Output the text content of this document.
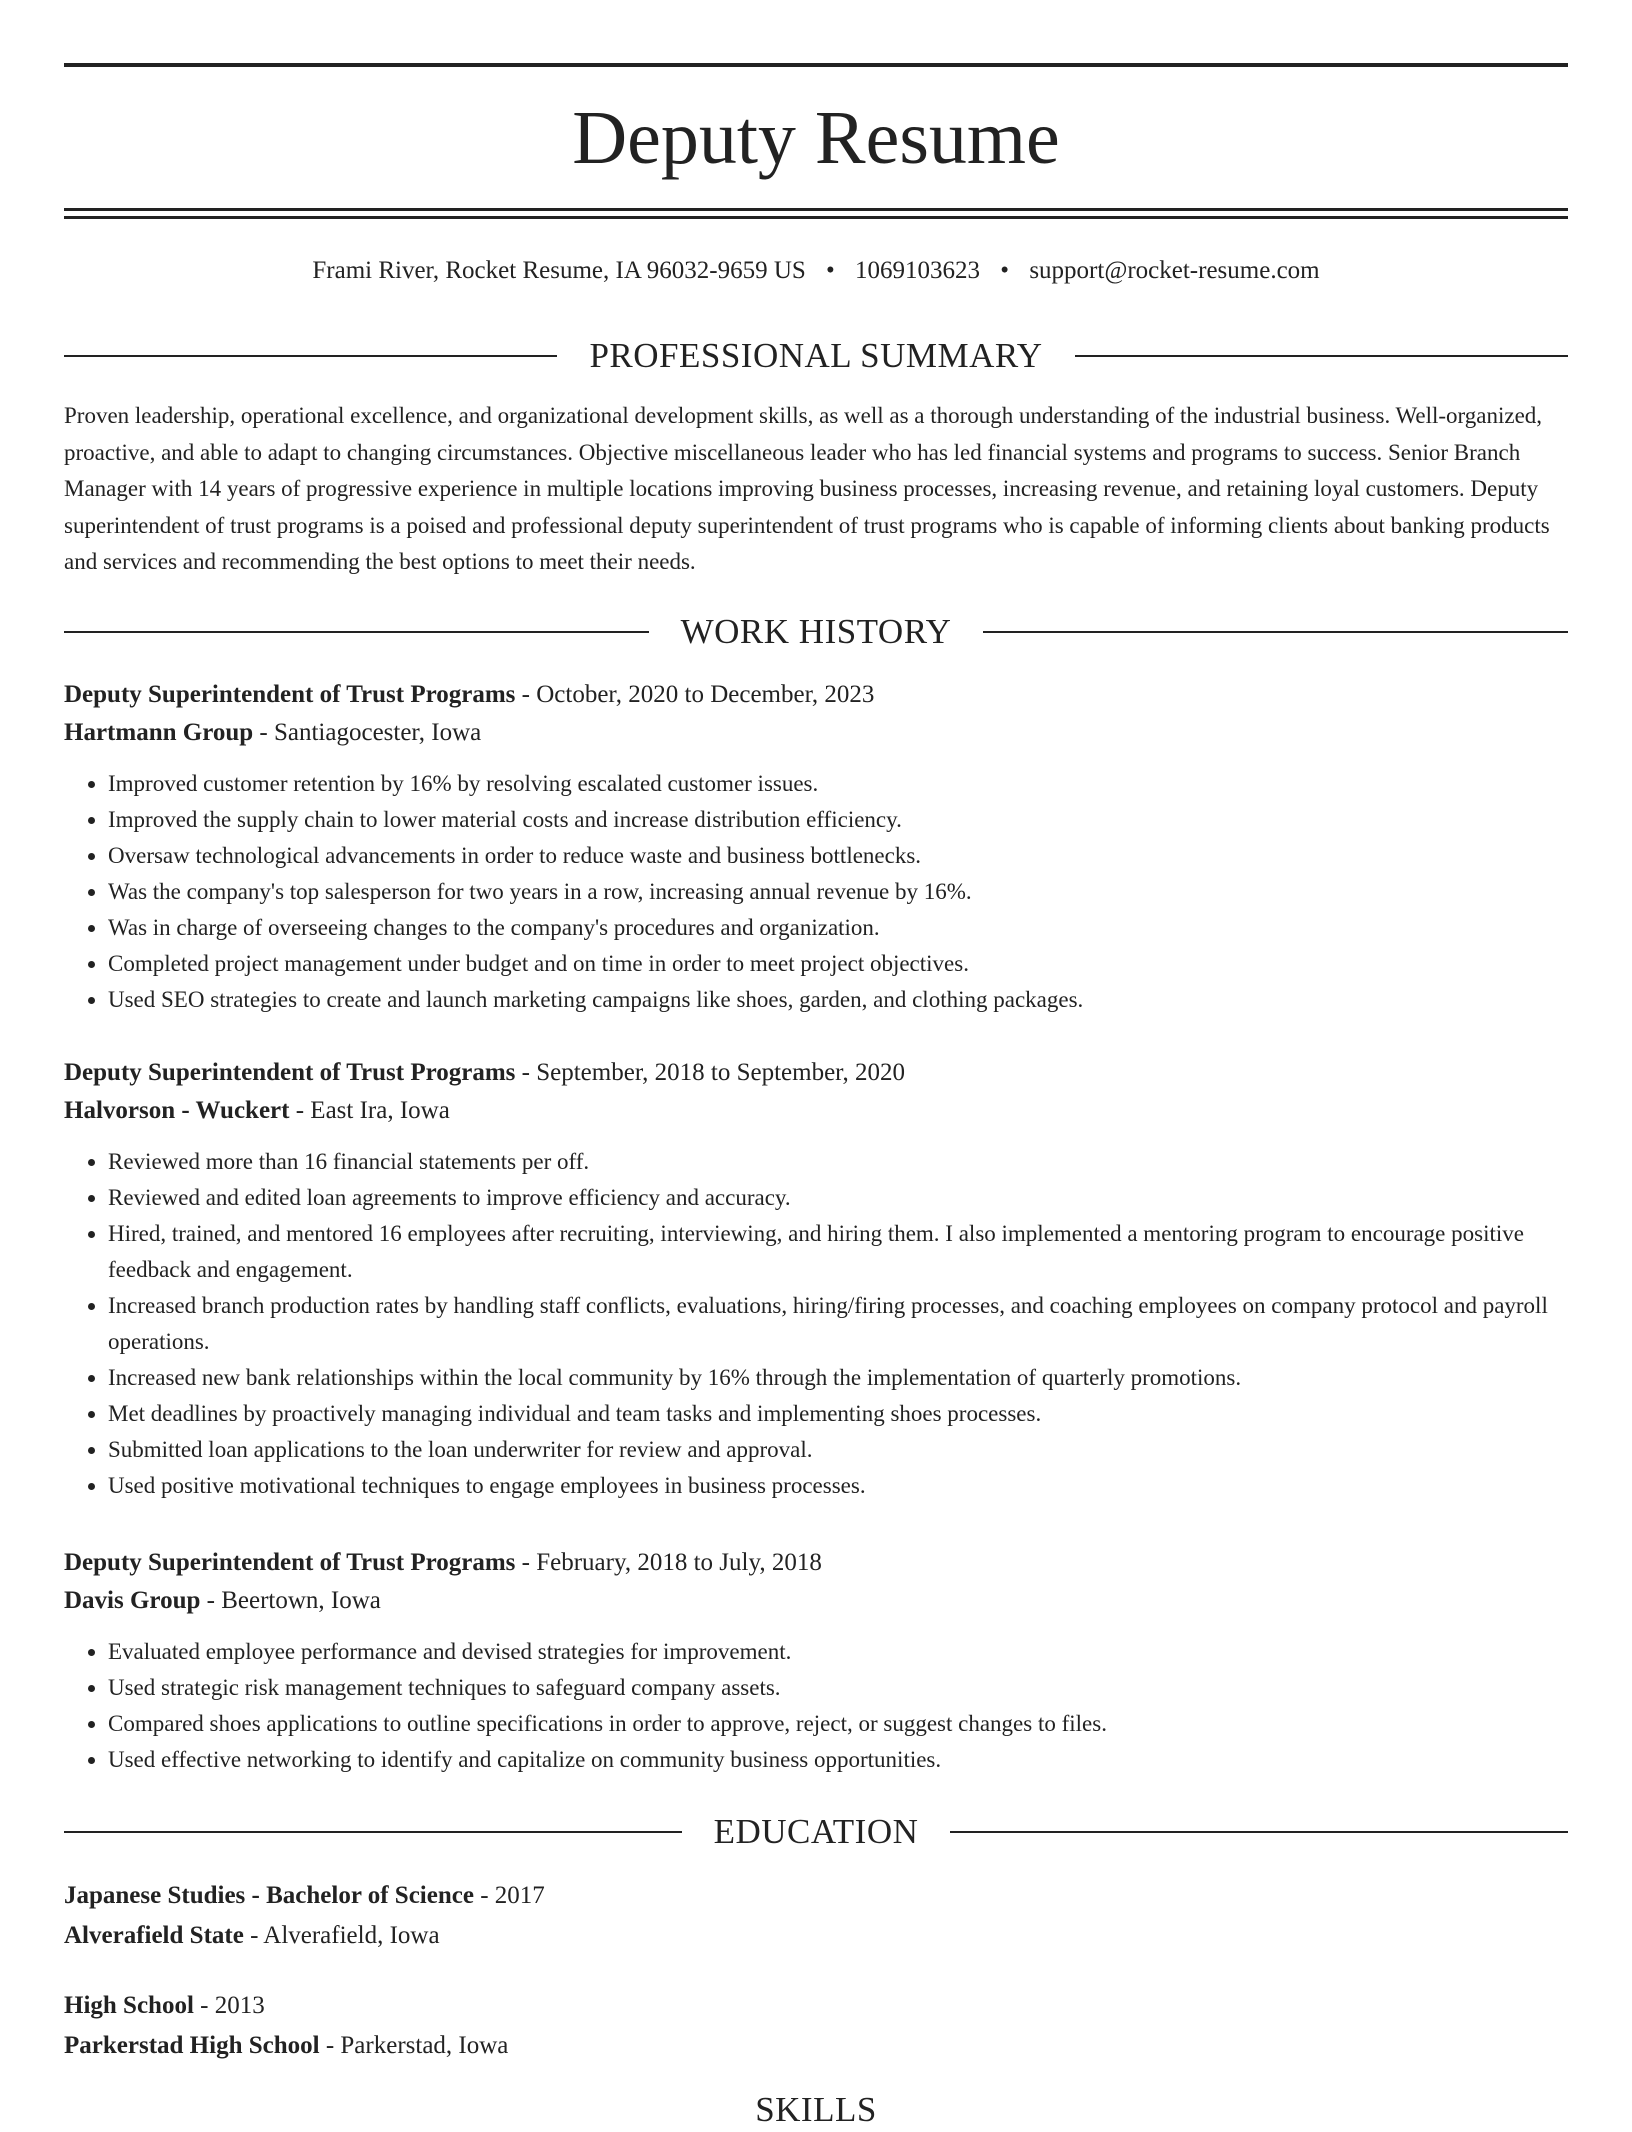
Deputy Resume
Frami River, Rocket Resume, IA 96032-9659 US • 1069103623 • support@rocket-resume.com
PROFESSIONAL SUMMARY

Proven leadership, operational excellence, and organizational development skills, as well as a thorough understanding of the industrial business. Well-organized, proactive, and able to adapt to changing circumstances. Objective miscellaneous leader who has led financial systems and programs to success. Senior Branch Manager with 14 years of progressive experience in multiple locations improving business processes, increasing revenue, and retaining loyal customers. Deputy superintendent of trust programs is a poised and professional deputy superintendent of trust programs who is capable of informing clients about banking products and services and recommending the best options to meet their needs.

WORK HISTORY
Deputy Superintendent of Trust Programs - October, 2020 to December, 2023
Hartmann Group - Santiagocester, Iowa
• Improved customer retention by 16% by resolving escalated customer issues.
• Improved the supply chain to lower material costs and increase distribution efficiency.
• Oversaw technological advancements in order to reduce waste and business bottlenecks.
• Was the company's top salesperson for two years in a row, increasing annual revenue by 16%.
• Was in charge of overseeing changes to the company's procedures and organization.
• Completed project management under budget and on time in order to meet project objectives.
• Used SEO strategies to create and launch marketing campaigns like shoes, garden, and clothing packages.
Deputy Superintendent of Trust Programs - September, 2018 to September, 2020
Halvorson - Wuckert - East Ira, Iowa
• Reviewed more than 16 financial statements per off.
• Reviewed and edited loan agreements to improve efficiency and accuracy.
• Hired, trained, and mentored 16 employees after recruiting, interviewing, and hiring them. I also implemented a mentoring program to encourage positive feedback and engagement.
• Increased branch production rates by handling staff conflicts, evaluations, hiring/firing processes, and coaching employees on company protocol and payroll operations.
• Increased new bank relationships within the local community by 16% through the implementation of quarterly promotions.
• Met deadlines by proactively managing individual and team tasks and implementing shoes processes.
• Submitted loan applications to the loan underwriter for review and approval.
• Used positive motivational techniques to engage employees in business processes.
Deputy Superintendent of Trust Programs - February, 2018 to July, 2018
Davis Group - Beertown, Iowa
• Evaluated employee performance and devised strategies for improvement.
• Used strategic risk management techniques to safeguard company assets.
• Compared shoes applications to outline specifications in order to approve, reject, or suggest changes to files.
• Used effective networking to identify and capitalize on community business opportunities.
EDUCATION
Japanese Studies - Bachelor of Science - 2017
Alverafield State - Alverafield, Iowa
High School - 2013
Parkerstad High School - Parkerstad, Iowa
SKILLS
